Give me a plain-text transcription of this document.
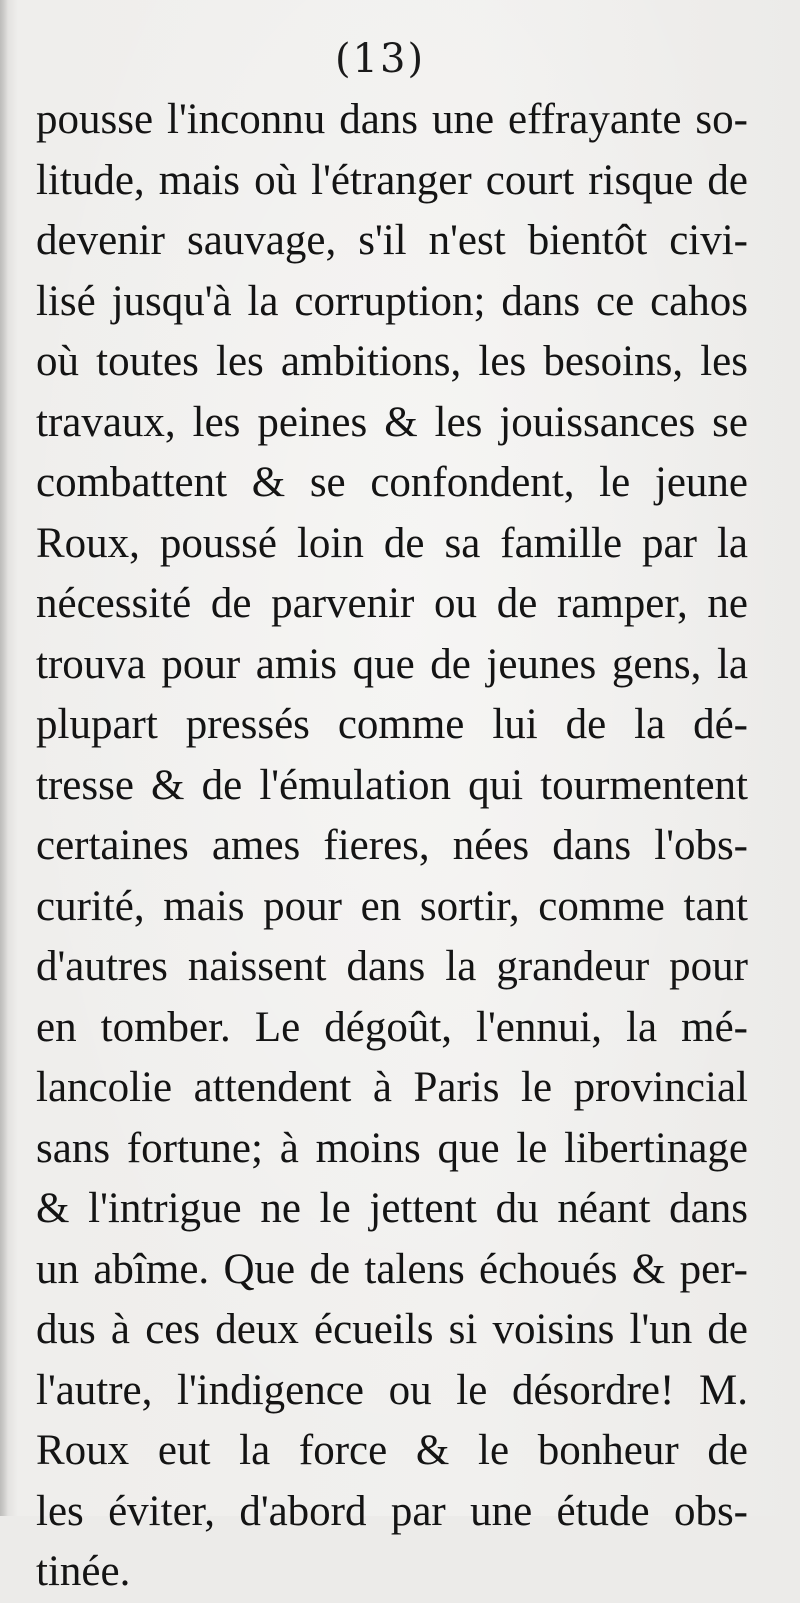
(13)
pousse l'inconnu dans une effrayante so-
litude, mais où l'étranger court risque de
devenir sauvage, s'il n'est bientôt civi-
lisé jusqu'à la corruption; dans ce cahos
où toutes les ambitions, les besoins, les
travaux, les peines & les jouissances se
combattent & se confondent, le jeune
Roux, poussé loin de sa famille par la
nécessité de parvenir ou de ramper, ne
trouva pour amis que de jeunes gens, la
plupart pressés comme lui de la dé-
tresse & de l'émulation qui tourmentent
certaines ames fieres, nées dans l'obs-
curité, mais pour en sortir, comme tant
d'autres naissent dans la grandeur pour
en tomber. Le dégoût, l'ennui, la mé-
lancolie attendent à Paris le provincial
sans fortune; à moins que le libertinage
& l'intrigue ne le jettent du néant dans
un abîme. Que de talens échoués & per-
dus à ces deux écueils si voisins l'un de
l'autre, l'indigence ou le désordre! M.
Roux eut la force & le bonheur de
les éviter, d'abord par une étude obs-
tinée.
